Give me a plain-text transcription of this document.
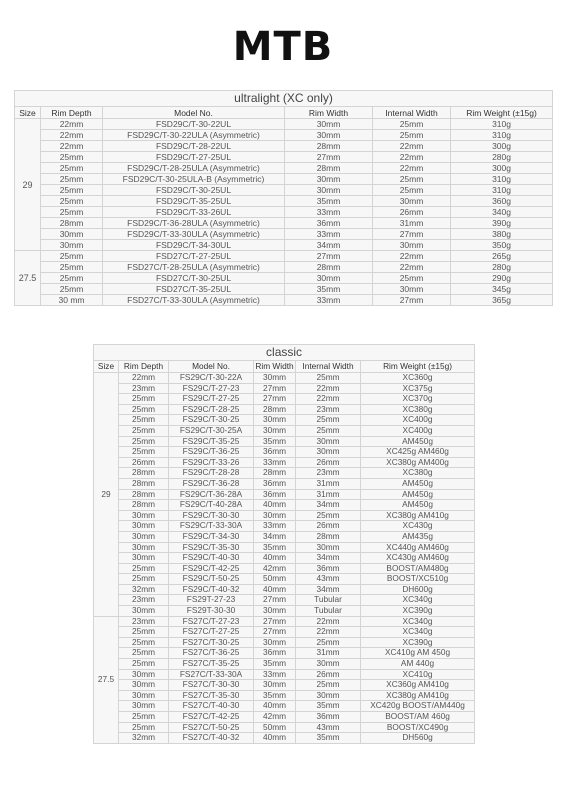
MTB
ultralight (XC only)					
Size	Rim Depth	Model No.	Rim Width	Internal Width	Rim Weight (±15g)
29	22mm	FSD29C/T-30-22UL	30mm	25mm	310g
	22mm	FSD29C/T-30-22ULA (Asymmetric)	30mm	25mm	310g
	22mm	FSD29C/T-28-22UL	28mm	22mm	300g
	25mm	FSD29C/T-27-25UL	27mm	22mm	280g
	25mm	FSD29C/T-28-25ULA (Asymmetric)	28mm	22mm	300g
	25mm	FSD29C/T-30-25ULA-B (Asymmetric)	30mm	25mm	310g
	25mm	FSD29C/T-30-25UL	30mm	25mm	310g
	25mm	FSD29C/T-35-25UL	35mm	30mm	360g
	25mm	FSD29C/T-33-26UL	33mm	26mm	340g
	28mm	FSD29C/T-36-28ULA (Asymmetric)	36mm	31mm	390g
	30mm	FSD29C/T-33-30ULA (Asymmetric)	33mm	27mm	380g
	30mm	FSD29C/T-34-30UL	34mm	30mm	350g
27.5	25mm	FSD27C/T-27-25UL	27mm	22mm	265g
	25mm	FSD27C/T-28-25ULA (Asymmetric)	28mm	22mm	280g
	25mm	FSD27C/T-30-25UL	30mm	25mm	290g
	25mm	FSD27C/T-35-25UL	35mm	30mm	345g
	30 mm	FSD27C/T-33-30ULA (Asymmetric)	33mm	27mm	365g
classic					
Size	Rim Depth	Model No.	Rim Width	Internal Width	Rim Weight (±15g)
29	22mm	FS29C/T-30-22A	30mm	25mm	XC360g
	23mm	FS29C/T-27-23	27mm	22mm	XC375g
	25mm	FS29C/T-27-25	27mm	22mm	XC370g
	25mm	FS29C/T-28-25	28mm	23mm	XC380g
	25mm	FS29C/T-30-25	30mm	25mm	XC400g
	25mm	FS29C/T-30-25A	30mm	25mm	XC400g
	25mm	FS29C/T-35-25	35mm	30mm	AM450g
	25mm	FS29C/T-36-25	36mm	30mm	XC425g AM460g
	26mm	FS29C/T-33-26	33mm	26mm	XC380g AM400g
	28mm	FS29C/T-28-28	28mm	23mm	XC380g
	28mm	FS29C/T-36-28	36mm	31mm	AM450g
	28mm	FS29C/T-36-28A	36mm	31mm	AM450g
	28mm	FS29C/T-40-28A	40mm	34mm	AM450g
	30mm	FS29C/T-30-30	30mm	25mm	XC380g AM410g
	30mm	FS29C/T-33-30A	33mm	26mm	XC430g
	30mm	FS29C/T-34-30	34mm	28mm	AM435g
	30mm	FS29C/T-35-30	35mm	30mm	XC440g AM460g
	30mm	FS29C/T-40-30	40mm	34mm	XC430g AM460g
	25mm	FS29C/T-42-25	42mm	36mm	BOOST/AM480g
	25mm	FS29C/T-50-25	50mm	43mm	BOOST/XC510g
	32mm	FS29C/T-40-32	40mm	34mm	DH600g
	23mm	FS29T-27-23	27mm	Tubular	XC340g
	30mm	FS29T-30-30	30mm	Tubular	XC390g
27.5	23mm	FS27C/T-27-23	27mm	22mm	XC340g
	25mm	FS27C/T-27-25	27mm	22mm	XC340g
	25mm	FS27C/T-30-25	30mm	25mm	XC390g
	25mm	FS27C/T-36-25	36mm	31mm	XC410g AM 450g
	25mm	FS27C/T-35-25	35mm	30mm	AM 440g
	30mm	FS27C/T-33-30A	33mm	26mm	XC410g
	30mm	FS27C/T-30-30	30mm	25mm	XC360g AM410g
	30mm	FS27C/T-35-30	35mm	30mm	XC380g AM410g
	30mm	FS27C/T-40-30	40mm	35mm	XC420g BOOST/AM440g
	25mm	FS27C/T-42-25	42mm	36mm	BOOST/AM 460g
	25mm	FS27C/T-50-25	50mm	43mm	BOOST/XC490g
	32mm	FS27C/T-40-32	40mm	35mm	DH560g
